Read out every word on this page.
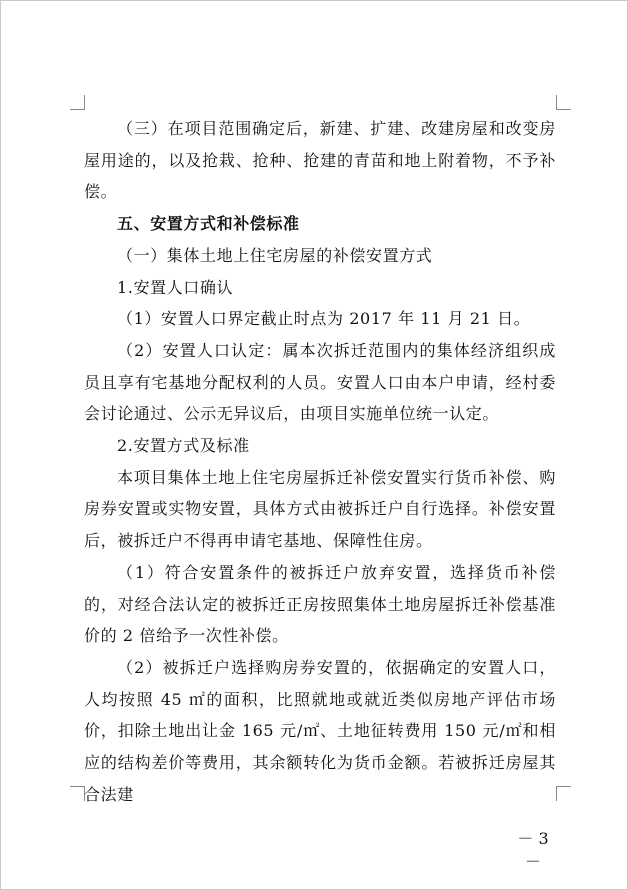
（三）在项目范围确定后，新建、扩建、改建房屋和改变房屋用途的，以及抢栽、抢种、抢建的青苗和地上附着物，不予补偿。

五、安置方式和补偿标准

（一）集体土地上住宅房屋的补偿安置方式

1.安置人口确认

（1）安置人口界定截止时点为 2017 年 11 月 21 日。

（2）安置人口认定：属本次拆迁范围内的集体经济组织成员且享有宅基地分配权利的人员。安置人口由本户申请，经村委会讨论通过、公示无异议后，由项目实施单位统一认定。

2.安置方式及标准

本项目集体土地上住宅房屋拆迁补偿安置实行货币补偿、购房券安置或实物安置，具体方式由被拆迁户自行选择。补偿安置后，被拆迁户不得再申请宅基地、保障性住房。

（1）符合安置条件的被拆迁户放弃安置，选择货币补偿的，对经合法认定的被拆迁正房按照集体土地房屋拆迁补偿基准价的 2 倍给予一次性补偿。

（2）被拆迁户选择购房券安置的，依据确定的安置人口，人均按照 45 ㎡的面积，比照就地或就近类似房地产评估市场价，扣除土地出让金 165 元/㎡、土地征转费用 150 元/㎡和相应的结构差价等费用，其余额转化为货币金额。若被拆迁房屋其合法建

－ 3 －
